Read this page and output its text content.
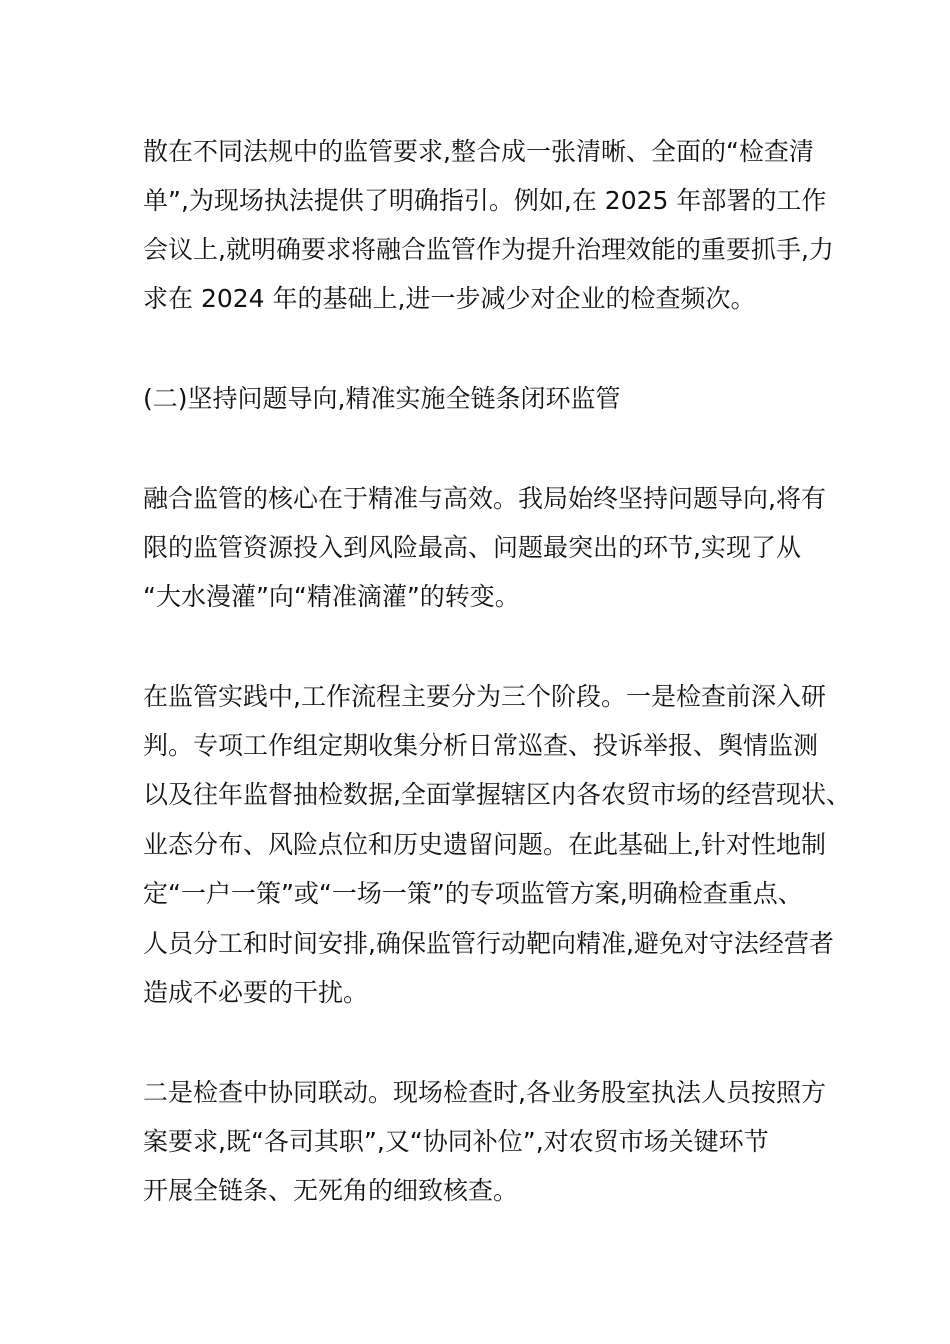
散在不同法规中的监管要求,整合成一张清晰、全面的“检查清
单”,为现场执法提供了明确指引。例如,在 2025 年部署的工作
会议上,就明确要求将融合监管作为提升治理效能的重要抓手,力
求在 2024 年的基础上,进一步减少对企业的检查频次。
(二)坚持问题导向,精准实施全链条闭环监管
融合监管的核心在于精准与高效。我局始终坚持问题导向,将有
限的监管资源投入到风险最高、问题最突出的环节,实现了从
“大水漫灌”向“精准滴灌”的转变。
在监管实践中,工作流程主要分为三个阶段。一是检查前深入研
判。专项工作组定期收集分析日常巡查、投诉举报、舆情监测
以及往年监督抽检数据,全面掌握辖区内各农贸市场的经营现状、
业态分布、风险点位和历史遗留问题。在此基础上,针对性地制
定“一户一策”或“一场一策”的专项监管方案,明确检查重点、
人员分工和时间安排,确保监管行动靶向精准,避免对守法经营者
造成不必要的干扰。
二是检查中协同联动。现场检查时,各业务股室执法人员按照方
案要求,既“各司其职”,又“协同补位”,对农贸市场关键环节
开展全链条、无死角的细致核查。
